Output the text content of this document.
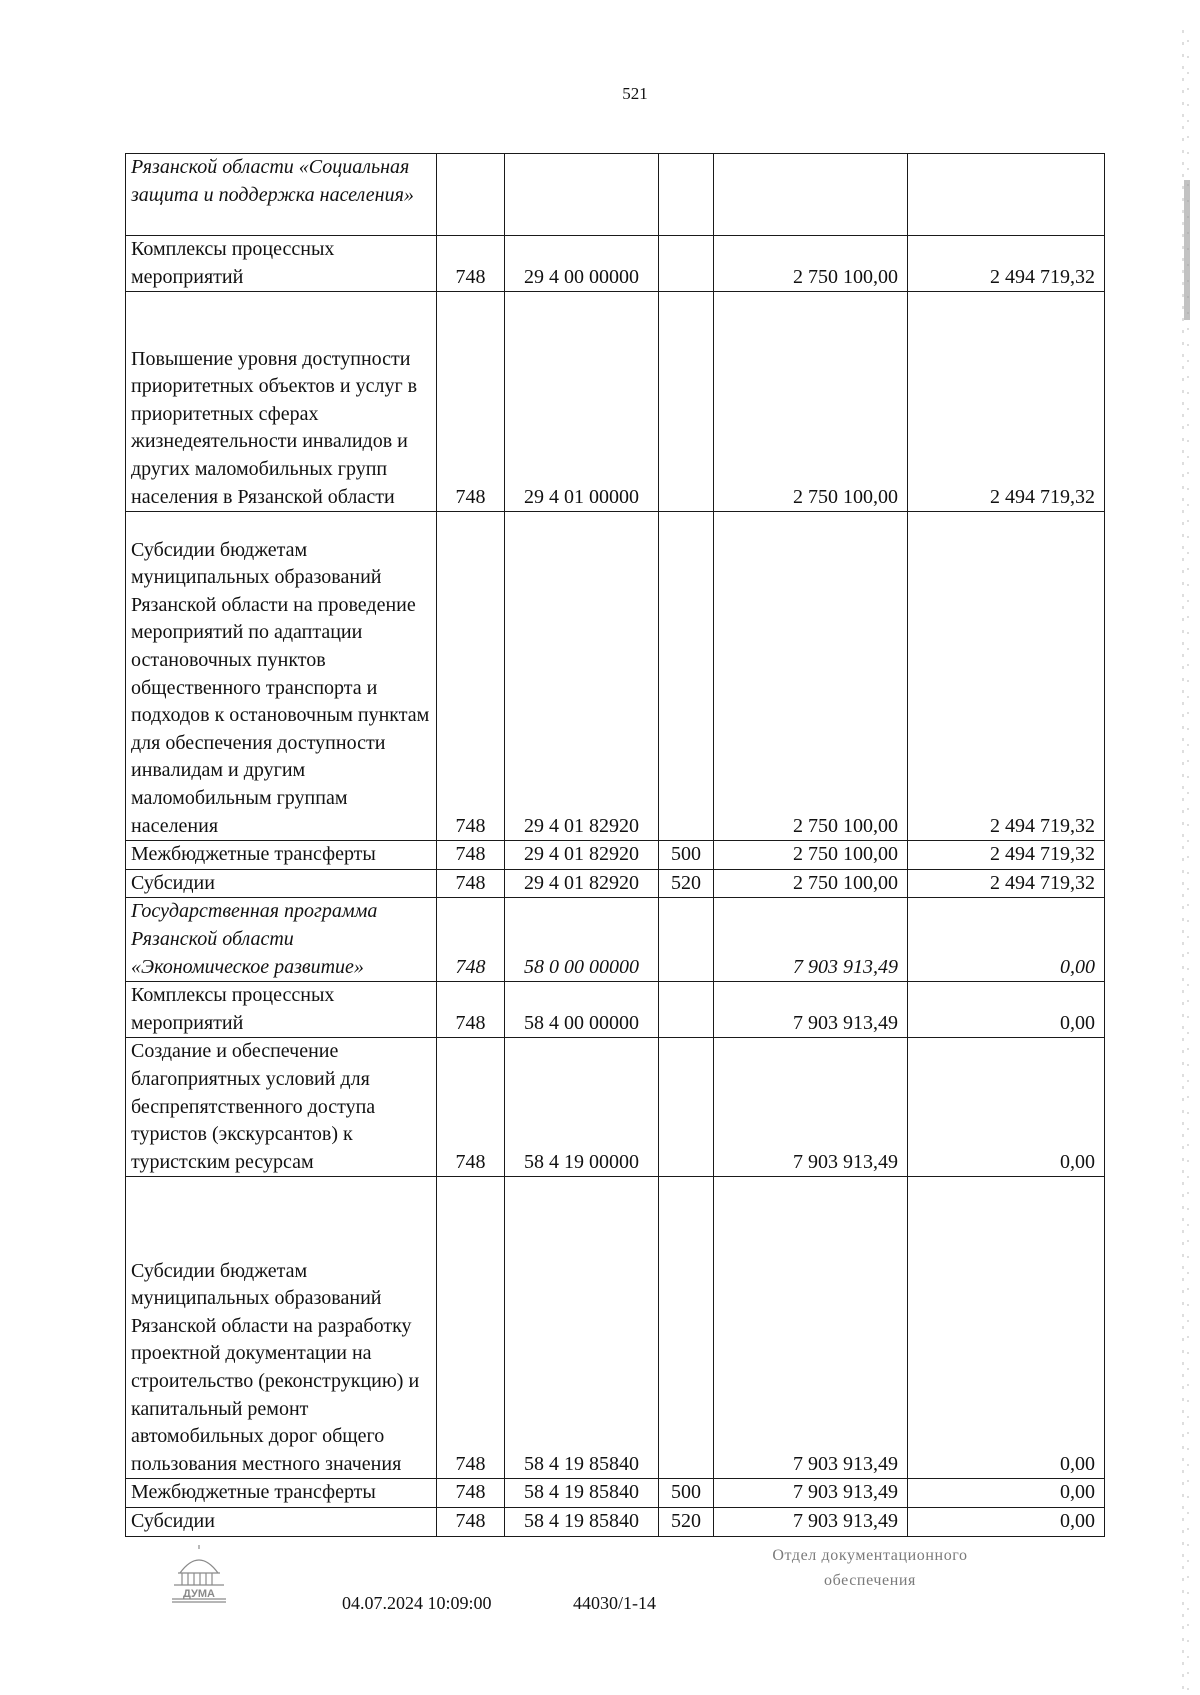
521
Рязанской области «Социальная защита и поддержка населения»					
Комплексы процессных мероприятий	748	29 4 00 00000		2 750 100,00	2 494 719,32
Повышение уровня доступности приоритетных объектов и услуг в приоритетных сферах жизнедеятельности инвалидов и других маломобильных групп населения в Рязанской области	748	29 4 01 00000		2 750 100,00	2 494 719,32
Субсидии бюджетам муниципальных образований Рязанской области на проведение мероприятий по адаптации остановочных пунктов общественного транспорта и подходов к остановочным пунктам для обеспечения доступности инвалидам и другим маломобильным группам населения	748	29 4 01 82920		2 750 100,00	2 494 719,32
Межбюджетные трансферты	748	29 4 01 82920	500	2 750 100,00	2 494 719,32
Субсидии	748	29 4 01 82920	520	2 750 100,00	2 494 719,32
Государственная программа Рязанской области «Экономическое развитие»	748	58 0 00 00000		7 903 913,49	0,00
Комплексы процессных мероприятий	748	58 4 00 00000		7 903 913,49	0,00
Создание и обеспечение благоприятных условий для беспрепятственного доступа туристов (экскурсантов) к туристским ресурсам	748	58 4 19 00000		7 903 913,49	0,00
Субсидии бюджетам муниципальных образований Рязанской области на разработку проектной документации на строительство (реконструкцию) и капитальный ремонт автомобильных дорог общего пользования местного значения	748	58 4 19 85840		7 903 913,49	0,00
Межбюджетные трансферты	748	58 4 19 85840	500	7 903 913,49	0,00
Субсидии	748	58 4 19 85840	520	7 903 913,49	0,00
ДУМА	04.07.2024 10:09:00	44030/1-14
Отдел документационного
обеспечения
